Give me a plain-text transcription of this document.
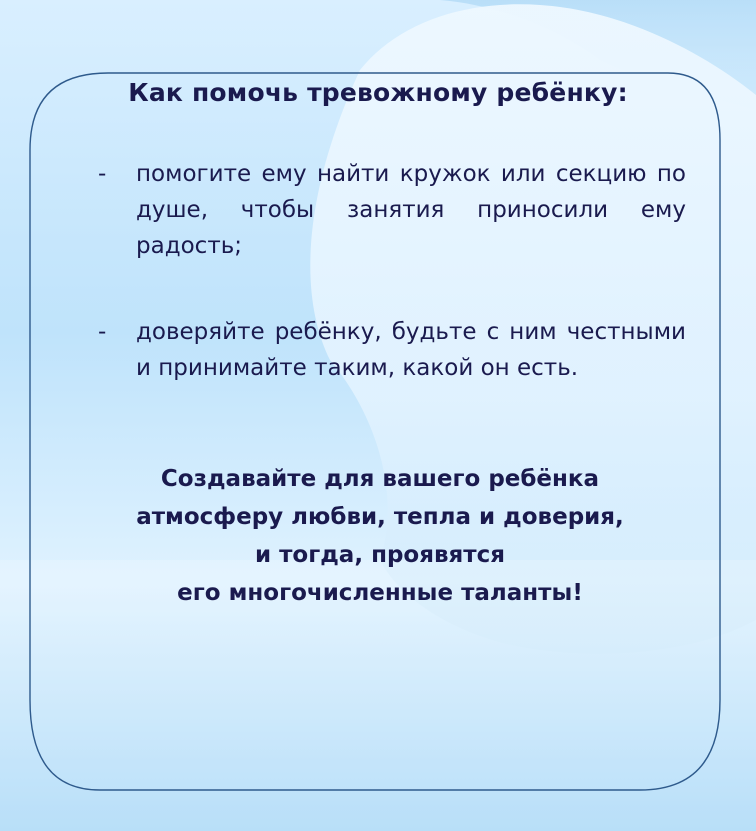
Как помочь тревожному ребёнку:
-	помогите ему найти кружок или секцию по душе, чтобы занятия приносили ему радость;
-	доверяйте ребёнку, будьте с ним честными и принимайте таким, какой он есть.
Создавайте для вашего ребёнка
атмосферу любви, тепла и доверия,
и тогда, проявятся
его многочисленные таланты!
